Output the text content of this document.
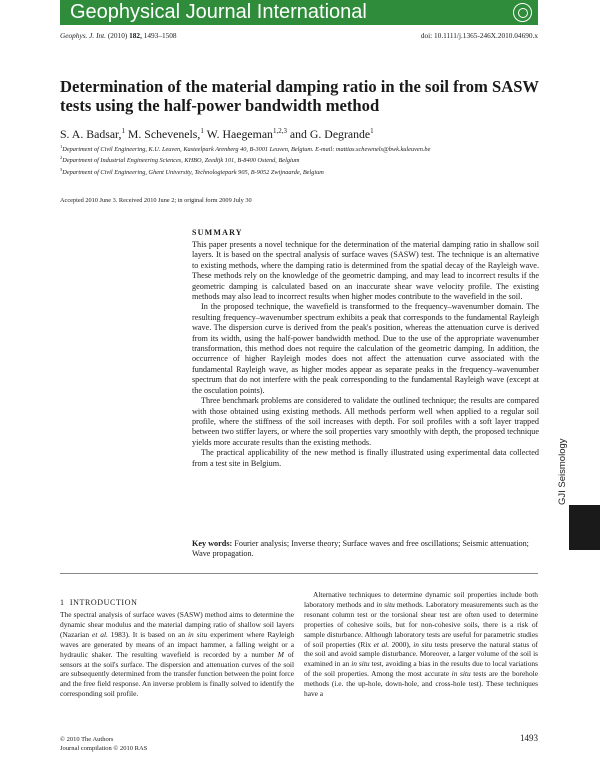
Geophysical Journal International
Geophys. J. Int. (2010) 182, 1493–1508	doi: 10.1111/j.1365-246X.2010.04690.x
Determination of the material damping ratio in the soil from SASW tests using the half-power bandwidth method
S. A. Badsar,$^1$ M. Schevenels,$^1$ W. Haegeman$^{1,2,3}$ and G. Degrande$^1$
$^1$Department of Civil Engineering, K.U. Leuven, Kasteelpark Arenberg 40, B-3001 Leuven, Belgium. E-mail: mattias.schevenels@bwk.kuleuven.be
$^2$Department of Industrial Engineering Sciences, KHBO, Zeedijk 101, B-8400 Ostend, Belgium
$^3$Department of Civil Engineering, Ghent University, Technologiepark 905, B-9052 Zwijnaarde, Belgium
Accepted 2010 June 3. Received 2010 June 2; in original form 2009 July 30
SUMMARY

This paper presents a novel technique for the determination of the material damping ratio in shallow soil layers. It is based on the spectral analysis of surface waves (SASW) test. The technique is an alternative to existing methods, where the damping ratio is determined from the spatial decay of the Rayleigh wave. These methods rely on the knowledge of the geometric damping, and may lead to incorrect results if the geometric damping is calculated based on an inaccurate shear wave velocity profile. The existing methods may also lead to incorrect results when higher modes contribute to the wavefield in the soil.

In the proposed technique, the wavefield is transformed to the frequency–wavenumber domain. The resulting frequency–wavenumber spectrum exhibits a peak that corresponds to the fundamental Rayleigh wave. The dispersion curve is derived from the peak's position, whereas the attenuation curve is derived from its width, using the half-power bandwidth method. Due to the use of the appropriate wavenumber transformation, this method does not require the calculation of the geometric damping. In addition, the occurrence of higher Rayleigh modes does not affect the attenuation curve associated with the fundamental Rayleigh wave, as higher modes appear as separate peaks in the frequency–wavenumber spectrum that do not interfere with the peak corresponding to the fundamental Rayleigh wave (except at the osculation points).

Three benchmark problems are considered to validate the outlined technique; the results are compared with those obtained using existing methods. All methods perform well when applied to a regular soil profile, where the stiffness of the soil increases with depth. For soil profiles with a soft layer trapped between two stiffer layers, or where the soil properties vary smoothly with depth, the proposed technique yields more accurate results than the existing methods.

The practical applicability of the new method is finally illustrated using experimental data collected from a test site in Belgium.

Key words: Fourier analysis; Inverse theory; Surface waves and free oscillations; Seismic attenuation; Wave propagation.
1 INTRODUCTION

The spectral analysis of surface waves (SASW) method aims to determine the dynamic shear modulus and the material damping ratio of shallow soil layers (Nazarian et al. 1983). It is based on an in situ experiment where Rayleigh waves are generated by means of an impact hammer, a falling weight or a hydraulic shaker. The resulting wavefield is recorded by a number M of sensors at the soil's surface. The dispersion and attenuation curves of the soil are subsequently determined from the transfer function between the point force and the free field response. An inverse problem is finally solved to identify the corresponding soil profile.

Alternative techniques to determine dynamic soil properties include both laboratory methods and in situ methods. Laboratory measurements such as the resonant column test or the torsional shear test are often used to determine properties of cohesive soils, but for non-cohesive soils, there is a risk of sample disturbance. Although laboratory tests are useful for parametric studies of soil properties (Rix et al. 2000), in situ tests preserve the natural status of the soil and avoid sample disturbance. Moreover, a larger volume of the soil is examined in an in situ test, avoiding a bias in the results due to local variations of the soil properties. Among the most accurate in situ tests are the borehole methods (i.e. the up-hole, down-hole, and cross-hole test). These techniques have a

GJI Seismology
© 2010 The Authors
Journal compilation © 2010 RAS
1493
